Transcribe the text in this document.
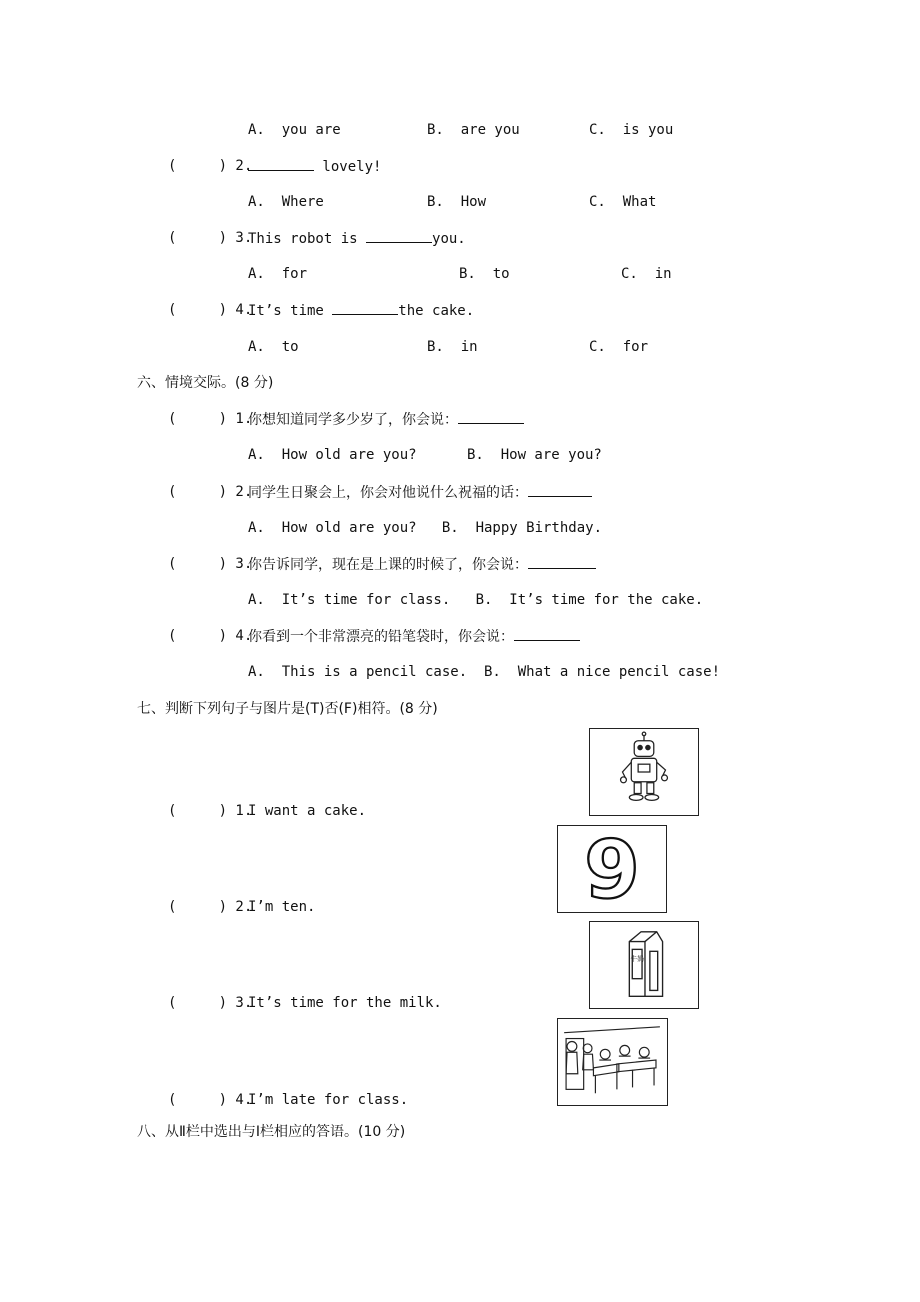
A.  you are	B.  are you	C.  is you
(     ) 2.	lovely!
A.  Where	B.  How	C.  What
(     ) 3.
This robot is	you.
A.  for	B.  to	C.  in
(     ) 4.
It’s time	the cake.
A.  to	B.  in	C.  for
六、情境交际。(8 分)
(     ) 1.
你想知道同学多少岁了，你会说：
A.  How old are you?	B.  How are you?
(     ) 2.
同学生日聚会上，你会对他说什么祝福的话：
A.  How old are you?   B.  Happy Birthday.
(     ) 3.
你告诉同学，现在是上课的时候了，你会说：
A.  It’s time for class.   B.  It’s time for the cake.
(     ) 4.
你看到一个非常漂亮的铅笔袋时，你会说：
A.  This is a pencil case.  B.  What a nice pencil case!
七、判断下列句子与图片是(T)否(F)相符。(8 分)
(     ) 1.
I want a cake.
9
(     ) 2.
I’m ten.
牛奶
(     ) 3.
It’s time for the milk.
(     ) 4.
I’m late for class.
八、从Ⅱ栏中选出与Ⅰ栏相应的答语。(10 分)
